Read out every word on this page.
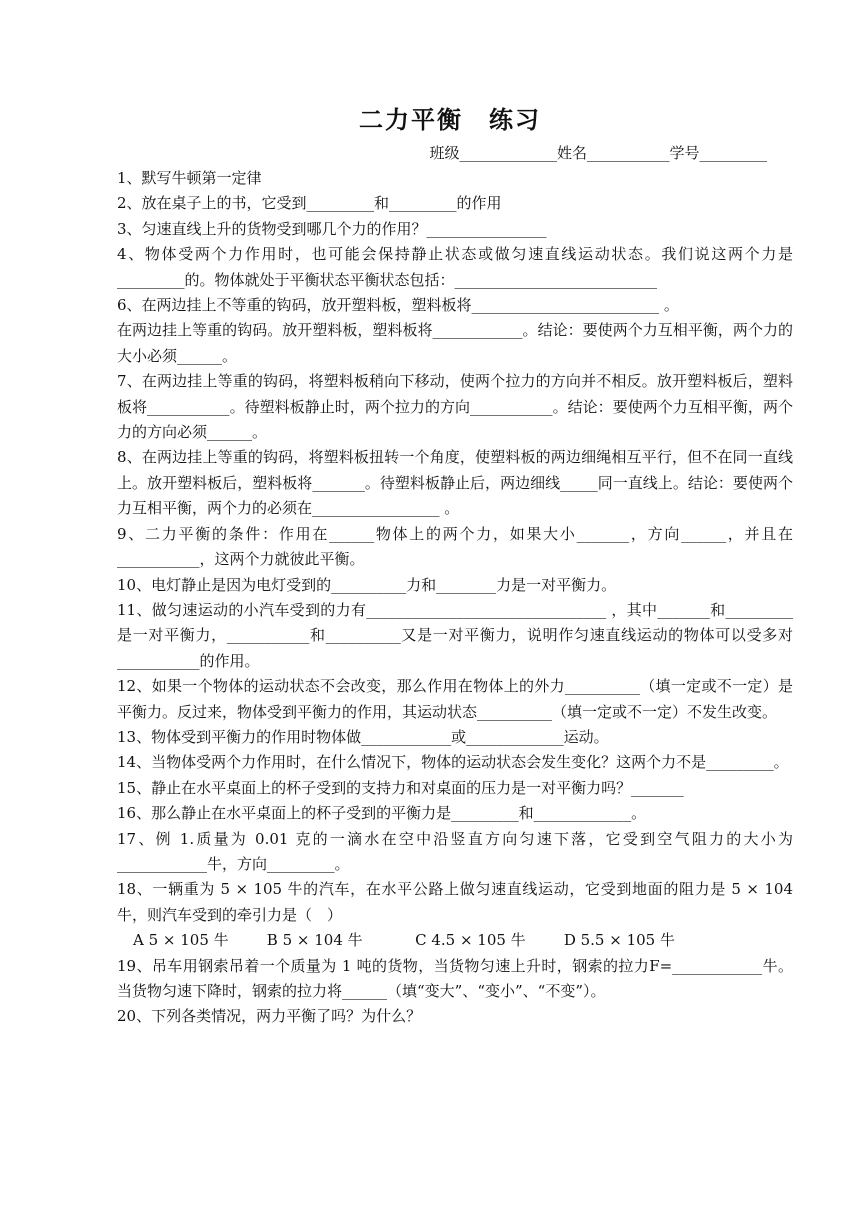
二力平衡　练习
班级_____________姓名___________学号_________
1、默写牛顿第一定律
2、放在桌子上的书，它受到_________和_________的作用
3、匀速直线上升的货物受到哪几个力的作用？________________
4、物体受两个力作用时，也可能会保持静止状态或做匀速直线运动状态。我们说这两个力是_________的。物体就处于平衡状态平衡状态包括：___________________________
6、在两边挂上不等重的钩码，放开塑料板，塑料板将_________________________ 。
在两边挂上等重的钩码。放开塑料板，塑料板将____________。结论：要使两个力互相平衡，两个力的大小必须______。
7、在两边挂上等重的钩码，将塑料板稍向下移动，使两个拉力的方向并不相反。放开塑料板后，塑料板将___________。待塑料板静止时，两个拉力的方向___________。结论：要使两个力互相平衡，两个力的方向必须______。
8、在两边挂上等重的钩码，将塑料板扭转一个角度，使塑料板的两边细绳相互平行，但不在同一直线上。放开塑料板后，塑料板将_______。待塑料板静止后，两边细线_____同一直线上。结论：要使两个力互相平衡，两个力的必须在_________________ 。
9、二力平衡的条件：作用在______物体上的两个力，如果大小_______，方向______，并且在___________，这两个力就彼此平衡。
10、电灯静止是因为电灯受到的__________力和________力是一对平衡力。
11、做匀速运动的小汽车受到的力有________________________________ ，其中_______和_________是一对平衡力，___________和__________又是一对平衡力，说明作匀速直线运动的物体可以受多对___________的作用。
12、如果一个物体的运动状态不会改变，那么作用在物体上的外力__________（填一定或不一定）是平衡力。反过来，物体受到平衡力的作用，其运动状态__________（填一定或不一定）不发生改变。
13、物体受到平衡力的作用时物体做____________或_____________运动。
14、当物体受两个力作用时，在什么情况下，物体的运动状态会发生变化？这两个力不是_________。
15、静止在水平桌面上的杯子受到的支持力和对桌面的压力是一对平衡力吗？_______
16、那么静止在水平桌面上的杯子受到的平衡力是_________和_____________。
17、例 1.质量为 0.01 克的一滴水在空中沿竖直方向匀速下落，它受到空气阻力的大小为____________牛，方向_________。
18、一辆重为 5 × 105 牛的汽车，在水平公路上做匀速直线运动，它受到地面的阻力是 5 × 104 牛，则汽车受到的牵引力是（　）
A 5 × 105 牛        B 5 × 104 牛           C 4.5 × 105 牛        D 5.5 × 105 牛
19、吊车用钢索吊着一个质量为 1 吨的货物，当货物匀速上升时，钢索的拉力F=____________牛。当货物匀速下降时，钢索的拉力将______（填“变大”、“变小”、“不变”）。
20、下列各类情况，两力平衡了吗？为什么？
